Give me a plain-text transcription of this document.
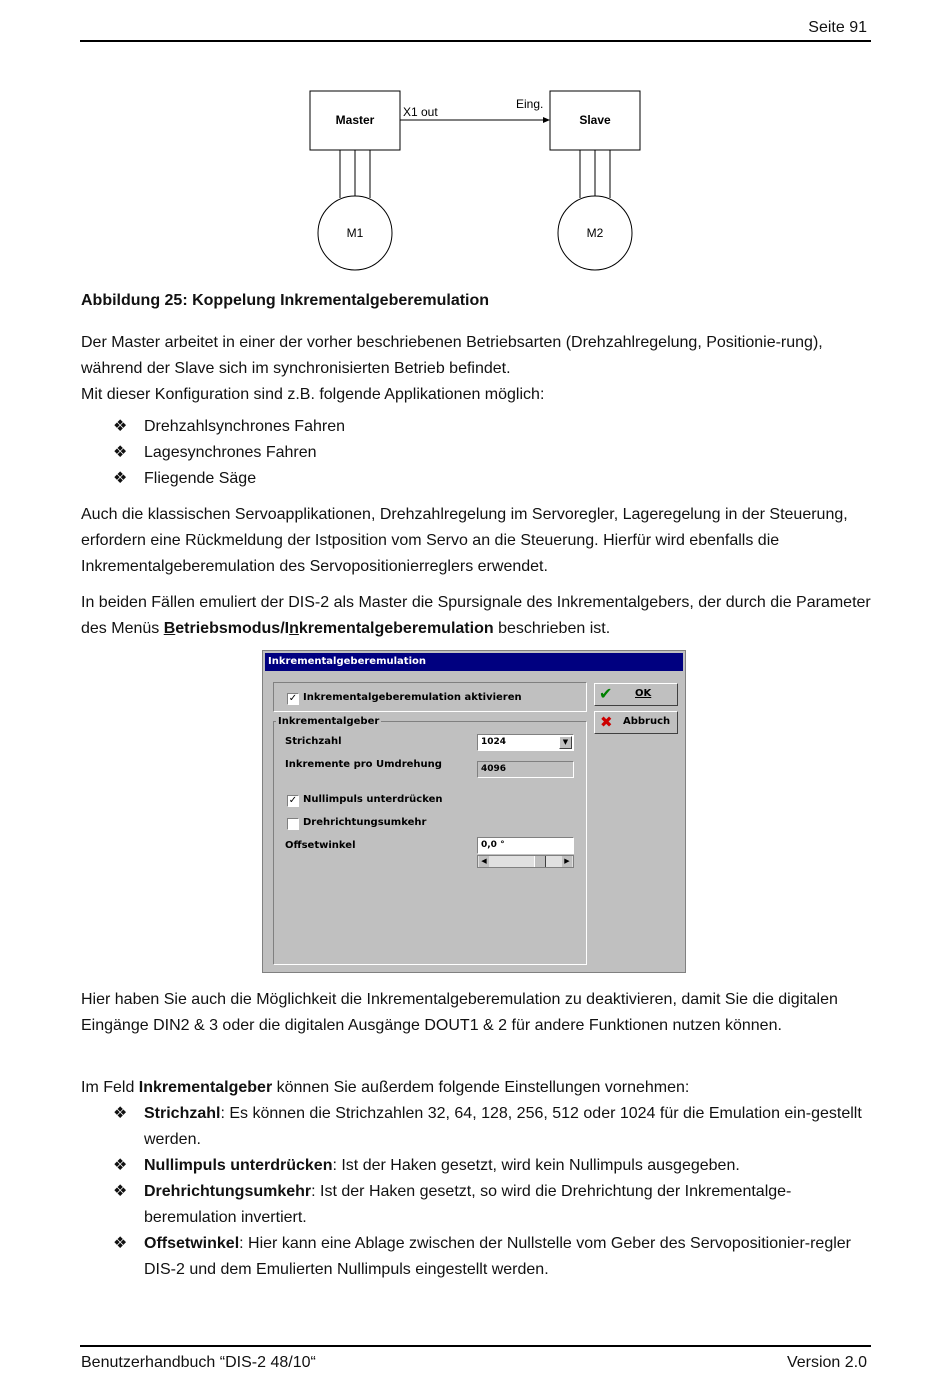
Seite 91
Master	Slave
X1 out
Eing.
M1	M2

Abbildung 25: Koppelung Inkrementalgeberemulation

Der Master arbeitet in einer der vorher beschriebenen Betriebsarten (Drehzahlregelung, Positionie-rung), während der Slave sich im synchronisierten Betrieb befindet.

Mit dieser Konfiguration sind z.B. folgende Applikationen möglich:

❖	Drehzahlsynchrones Fahren
❖	Lagesynchrones Fahren
❖	Fliegende Säge

Auch die klassischen Servoapplikationen, Drehzahlregelung im Servoregler, Lageregelung in der Steuerung, erfordern eine Rückmeldung der Istposition vom Servo an die Steuerung. Hierfür wird ebenfalls die Inkrementalgeberemulation des Servopositionierreglers erwendet.

In beiden Fällen emuliert der DIS-2 als Master die Spursignale des Inkrementalgebers, der durch die Parameter des Menüs Betriebsmodus/Inkrementalgeberemulation beschrieben ist.

Inkrementalgeberemulation
✓ Inkrementalgeberemulation aktivieren
Inkrementalgeber
Strichzahl	1024	▼
Inkremente pro Umdrehung	4096
✓ Nullimpuls unterdrücken
Drehrichtungsumkehr
Offsetwinkel	0,0 °
◀	▶
✔ OK
✖ Abbruch

Hier haben Sie auch die Möglichkeit die Inkrementalgeberemulation zu deaktivieren, damit Sie die digitalen Eingänge DIN2 & 3 oder die digitalen Ausgänge DOUT1 & 2 für andere Funktionen nutzen können.

Im Feld Inkrementalgeber können Sie außerdem folgende Einstellungen vornehmen:

❖	Strichzahl: Es können die Strichzahlen 32, 64, 128, 256, 512 oder 1024 für die Emulation ein-gestellt werden.
❖	Nullimpuls unterdrücken: Ist der Haken gesetzt, wird kein Nullimpuls ausgegeben.
❖	Drehrichtungsumkehr: Ist der Haken gesetzt, so wird die Drehrichtung der Inkrementalge-beremulation invertiert.
❖	Offsetwinkel: Hier kann eine Ablage zwischen der Nullstelle vom Geber des Servopositionier-regler DIS-2 und dem Emulierten Nullimpuls eingestellt werden.
Benutzerhandbuch “DIS-2 48/10“	Version 2.0
